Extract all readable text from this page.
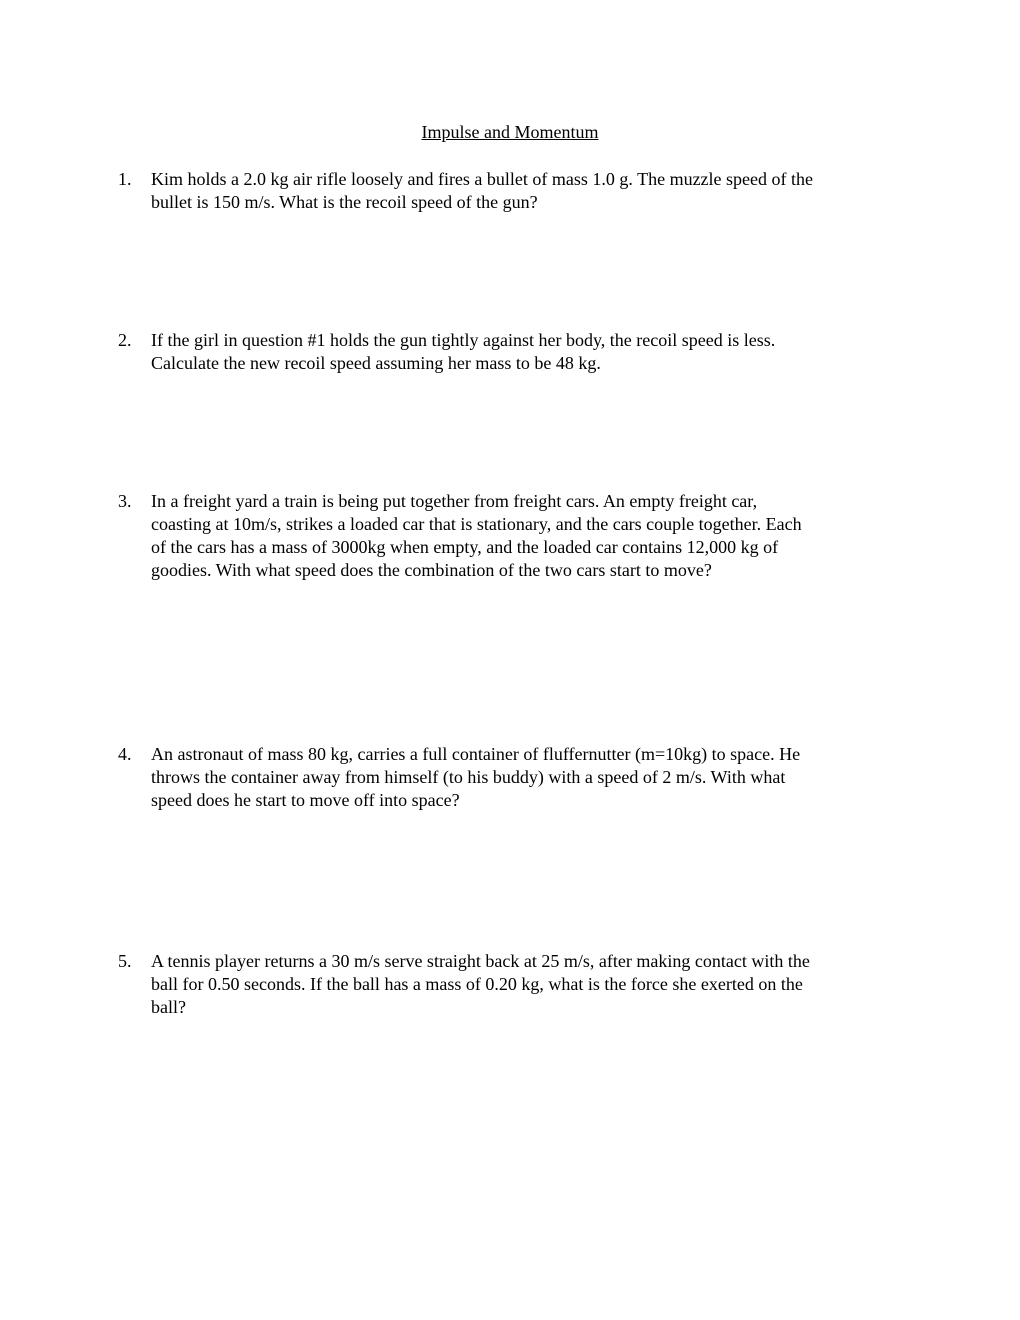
Impulse and Momentum
1.	Kim holds a 2.0 kg air rifle loosely and fires a bullet of mass 1.0 g. The muzzle speed of the
bullet is 150 m/s. What is the recoil speed of the gun?
2.	If the girl in question #1 holds the gun tightly against her body, the recoil speed is less.
Calculate the new recoil speed assuming her mass to be 48 kg.
3.	In a freight yard a train is being put together from freight cars. An empty freight car,
coasting at 10m/s, strikes a loaded car that is stationary, and the cars couple together. Each
of the cars has a mass of 3000kg when empty, and the loaded car contains 12,000 kg of
goodies. With what speed does the combination of the two cars start to move?
4.	An astronaut of mass 80 kg, carries a full container of fluffernutter (m=10kg) to space. He
throws the container away from himself (to his buddy) with a speed of 2 m/s. With what
speed does he start to move off into space?
5.	A tennis player returns a 30 m/s serve straight back at 25 m/s, after making contact with the
ball for 0.50 seconds. If the ball has a mass of 0.20 kg, what is the force she exerted on the
ball?
